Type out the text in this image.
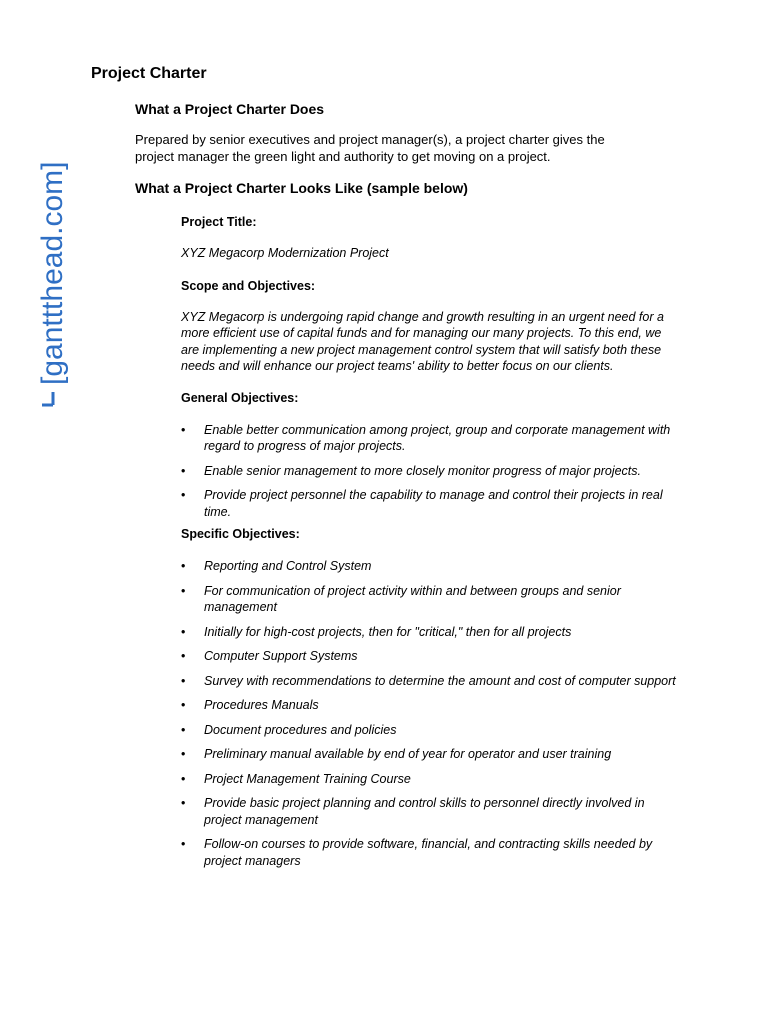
[ganttthead.com]
Project Charter
What a Project Charter Does

Prepared by senior executives and project manager(s), a project charter gives the project manager the green light and authority to get moving on a project.

What a Project Charter Looks Like (sample below)

Project Title:

XYZ Megacorp Modernization Project

Scope and Objectives:

XYZ Megacorp is undergoing rapid change and growth resulting in an urgent need for a more efficient use of capital funds and for managing our many projects. To this end, we are implementing a new project management control system that will satisfy both these needs and will enhance our project teams' ability to better focus on our clients.

General Objectives:

• Enable better communication among project, group and corporate management with regard to progress of major projects.
• Enable senior management to more closely monitor progress of major projects.
• Provide project personnel the capability to manage and control their projects in real time.

Specific Objectives:

• Reporting and Control System
• For communication of project activity within and between groups and senior management
• Initially for high-cost projects, then for "critical," then for all projects
• Computer Support Systems
• Survey with recommendations to determine the amount and cost of computer support
• Procedures Manuals
• Document procedures and policies
• Preliminary manual available by end of year for operator and user training
• Project Management Training Course
• Provide basic project planning and control skills to personnel directly involved in project management
• Follow-on courses to provide software, financial, and contracting skills needed by project managers
